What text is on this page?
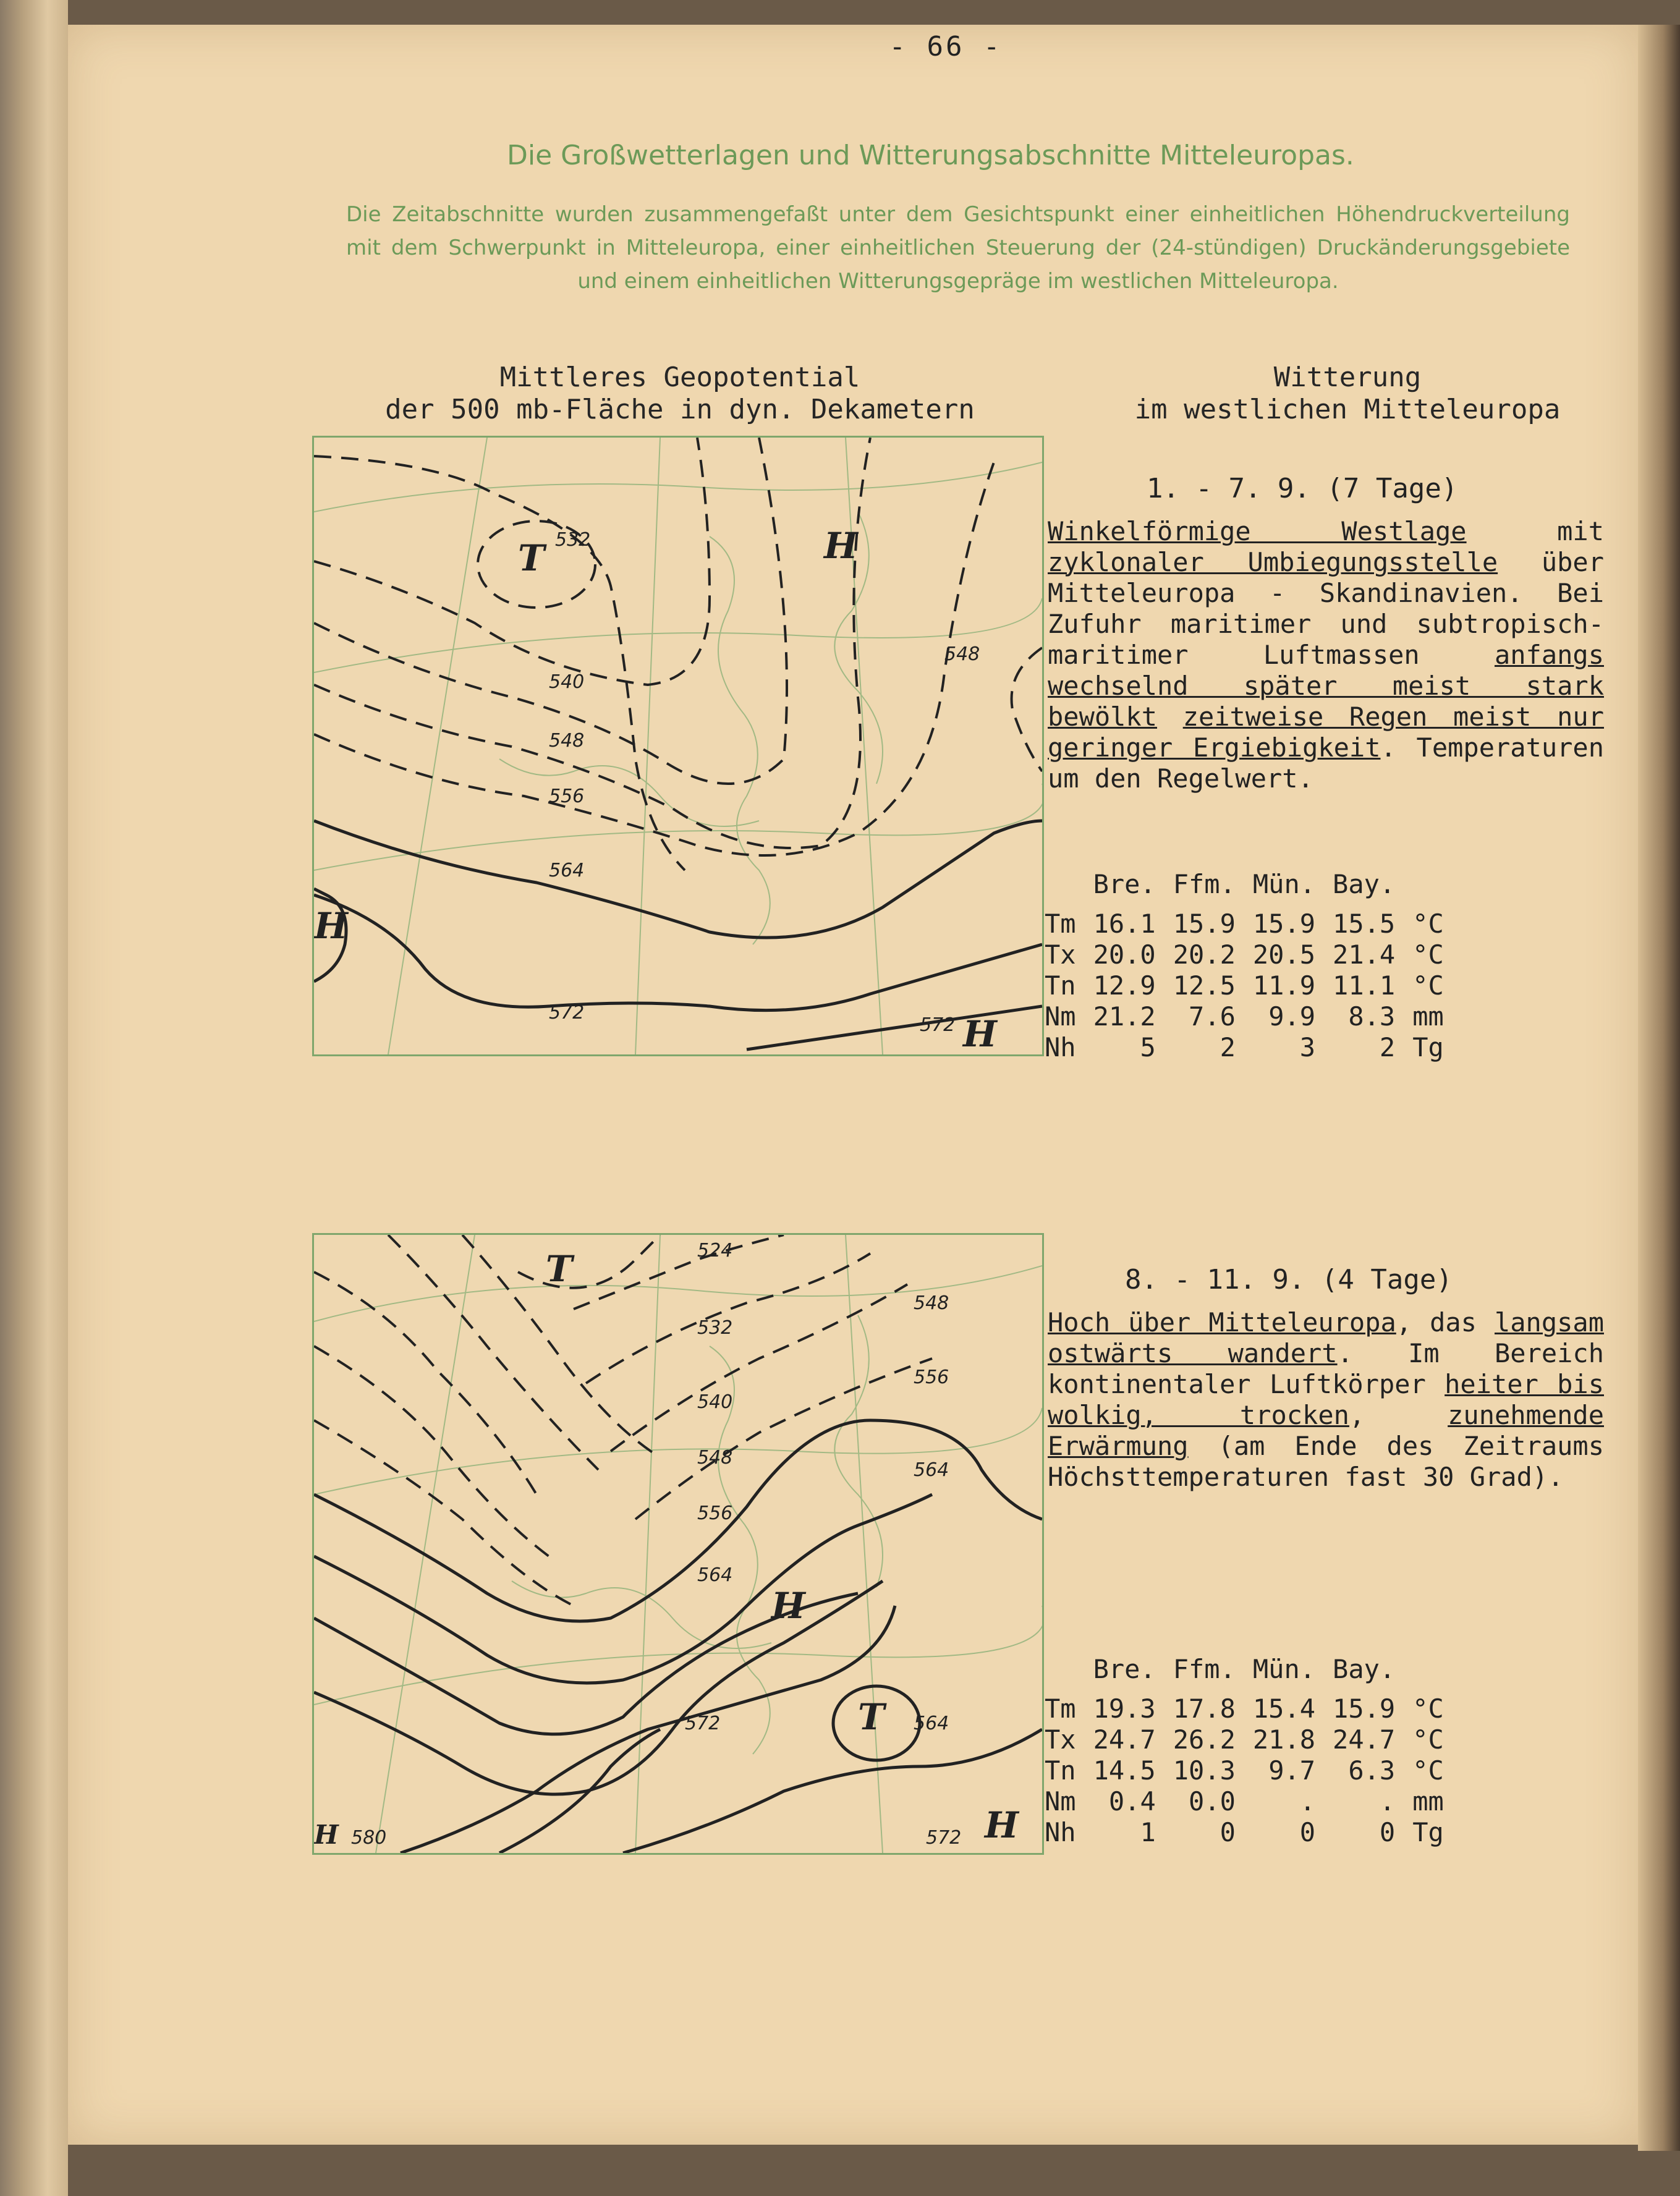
- 66 -
Die Großwetterlagen und Witterungsabschnitte Mitteleuropas.
Die Zeitabschnitte wurden zusammengefaßt unter dem Gesichtspunkt einer einheitlichen Höhendruckverteilung mit dem Schwerpunkt in Mitteleuropa, einer einheitlichen Steuerung der (24-stündigen) Druckänderungsgebiete und einem einheitlichen Witterungsgepräge im westlichen Mitteleuropa.
Mittleres Geopotential
der 500 mb-Fläche in dyn. Dekametern
Witterung
im westlichen Mitteleuropa
T	H
H
H
532
540
548
556
564
572
548
572
1. - 7. 9. (7 Tage)
Winkelförmige Westlage mit zyklonaler Umbiegungsstelle über Mitteleuropa - Skandinavien. Bei Zufuhr maritimer und subtropisch-maritimer Luftmassen anfangs wechselnd später meist stark bewölkt zeitweise Regen meist nur geringer Ergiebigkeit. Temperaturen um den Regelwert.
	Bre.	Ffm.	Mün.	Bay.	
Tm	16.1	15.9	15.9	15.5	°C
Tx	20.0	20.2	20.5	21.4	°C
Tn	12.9	12.5	11.9	11.1	°C
Nm	21.2	7.6	9.9	8.3	mm
Nh	5	2	3	2	Tg
T
T
H
H	H
524
532
540
548
556
564
548
556
564
572	564
580	572
8. - 11. 9. (4 Tage)
Hoch über Mitteleuropa, das langsam ostwärts wandert. Im Bereich kontinentaler Luftkörper heiter bis wolkig, trocken, zunehmende Erwärmung (am Ende des Zeitraums Höchsttemperaturen fast 30 Grad).
	Bre.	Ffm.	Mün.	Bay.	
Tm	19.3	17.8	15.4	15.9	°C
Tx	24.7	26.2	21.8	24.7	°C
Tn	14.5	10.3	9.7	6.3	°C
Nm	0.4	0.0	.	.	mm
Nh	1	0	0	0	Tg
